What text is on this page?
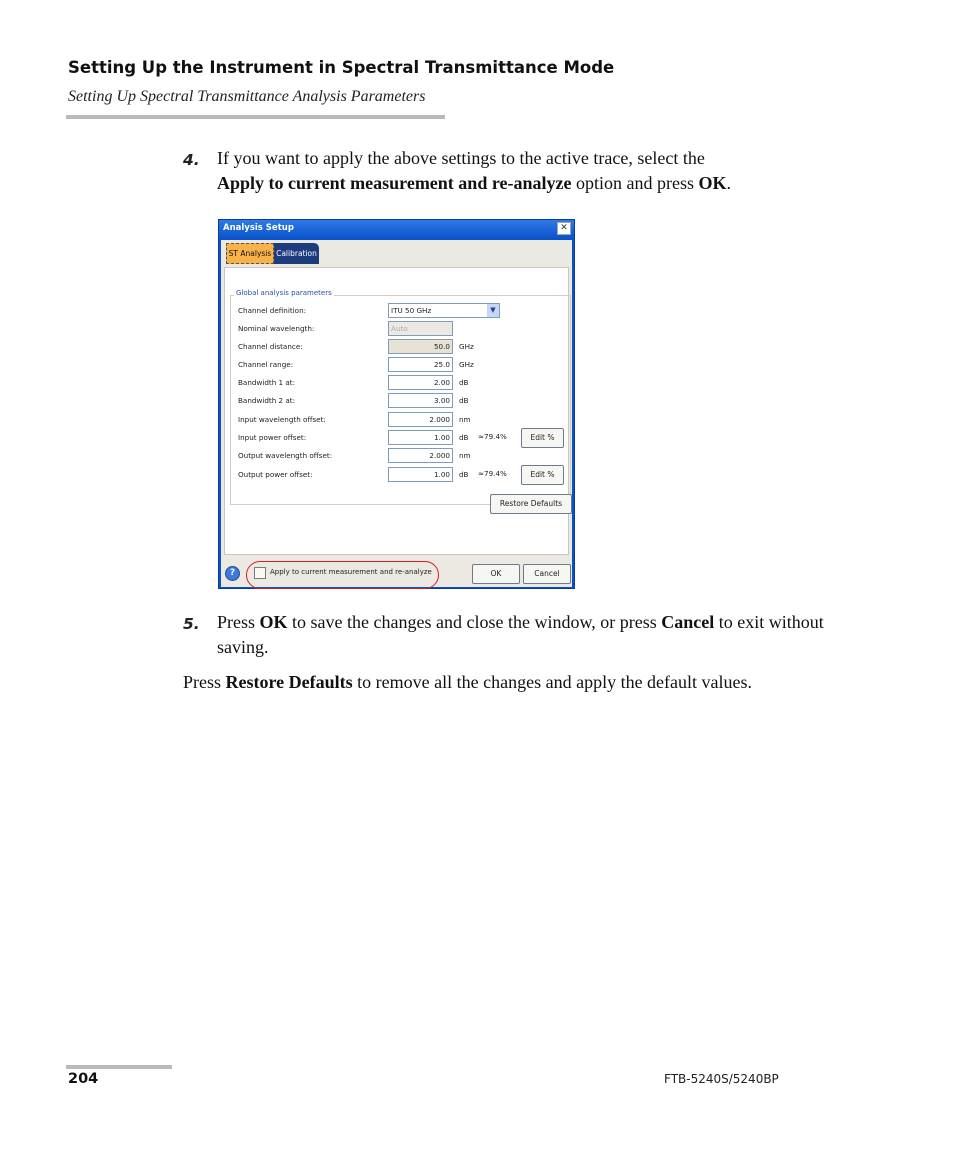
Setting Up the Instrument in Spectral Transmittance Mode
Setting Up Spectral Transmittance Analysis Parameters
4. If you want to apply the above settings to the active trace, select the
Apply to current measurement and re-analyze option and press OK.
Analysis Setup	✕
ST Analysis Calibration
Global analysis parameters
Channel definition:	ITU 50 GHz	▼
Nominal wavelength:	Auto
Channel distance:	50.0	GHz
Channel range:	25.0	GHz
Bandwidth 1 at:	2.00	dB
Bandwidth 2 at:	3.00	dB
Input wavelength offset:	2.000	nm
Input power offset:	1.00	dB ≈79.4%	Edit %
Output wavelength offset:	2.000	nm
Output power offset:	1.00	dB ≈79.4%	Edit %
Restore Defaults
?	Apply to current measurement and re-analyze	OK	Cancel
5. Press OK to save the changes and close the window, or press Cancel to exit without saving.
Press Restore Defaults to remove all the changes and apply the default values.
204	FTB-5240S/5240BP
